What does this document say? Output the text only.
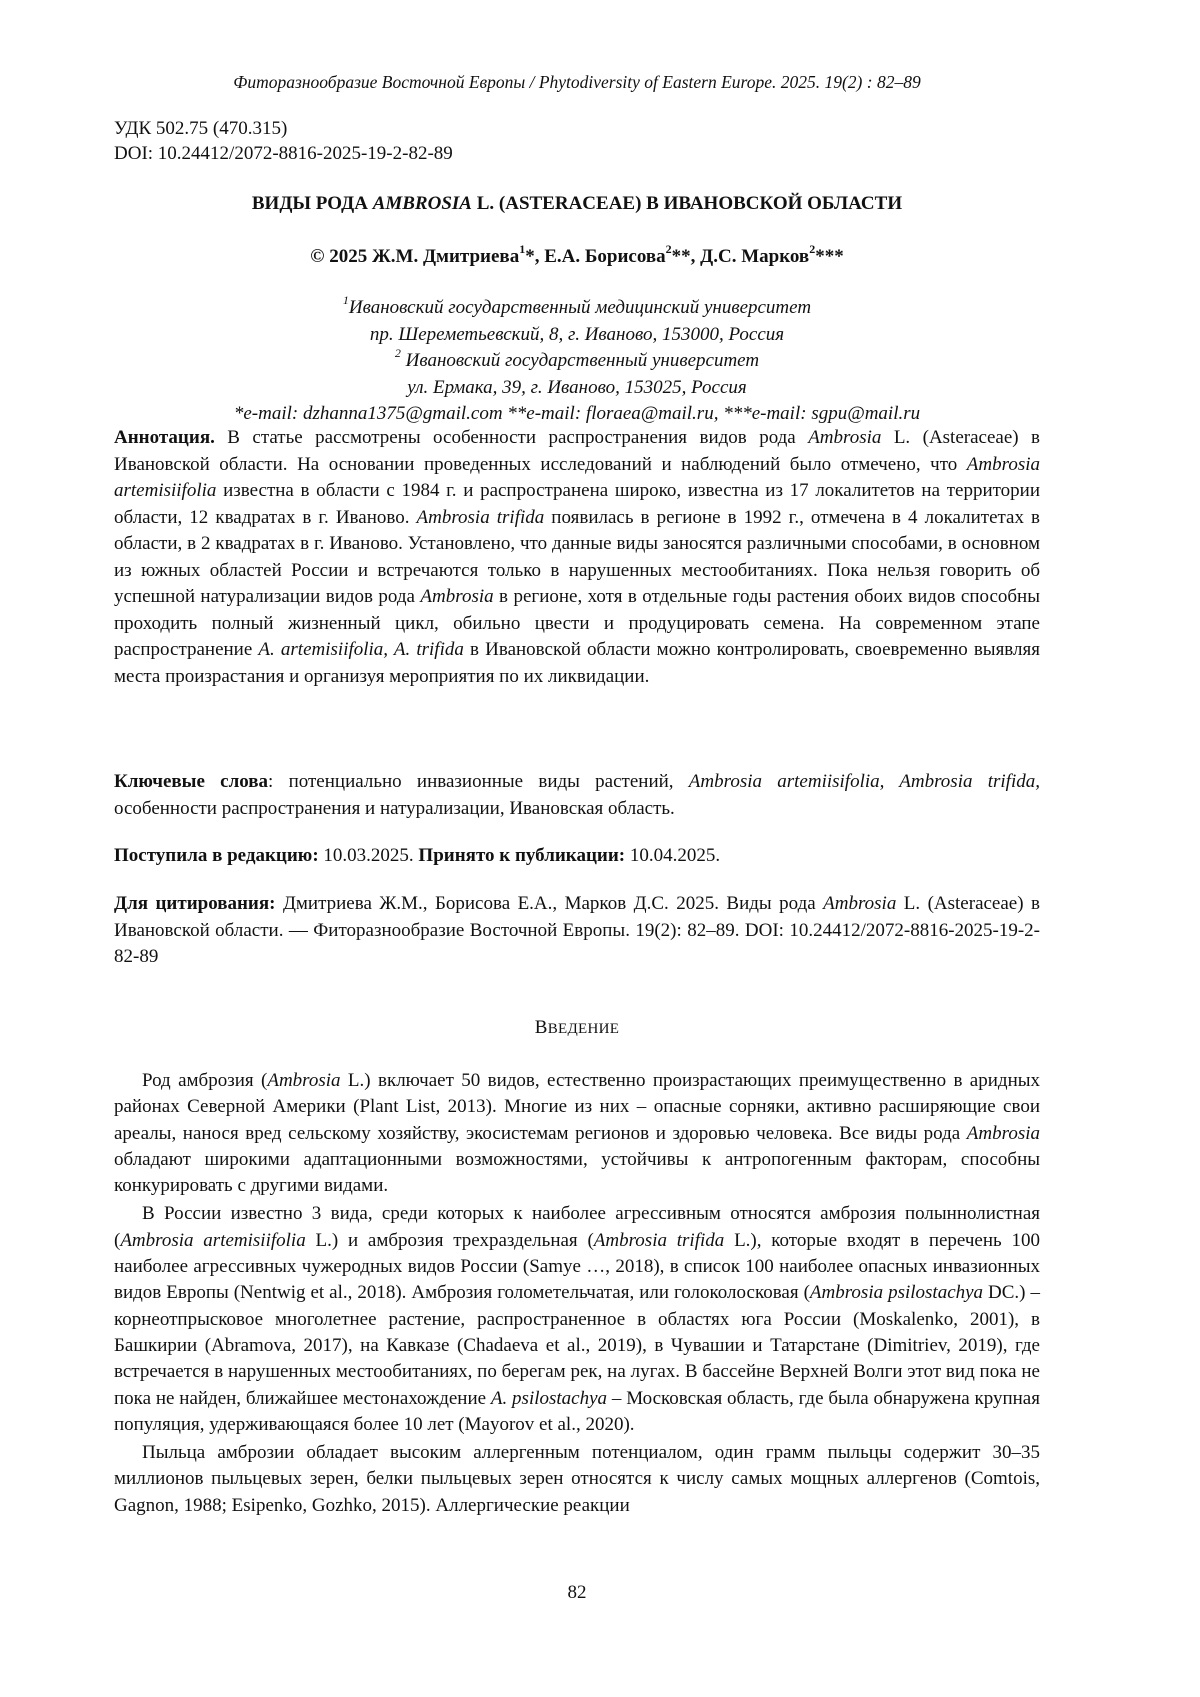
Фиторазнообразие Восточной Европы / Phytodiversity of Eastern Europe. 2025. 19(2) : 82–89
УДК 502.75 (470.315)
DOI: 10.24412/2072-8816-2025-19-2-82-89
ВИДЫ РОДА AMBROSIA L. (ASTERACEAE) В ИВАНОВСКОЙ ОБЛАСТИ
© 2025 Ж.М. Дмитриева1*, Е.А. Борисова2**, Д.С. Марков2***
1Ивановский государственный медицинский университет
пр. Шереметьевский, 8, г. Иваново, 153000, Россия
2 Ивановский государственный университет
ул. Ермака, 39, г. Иваново, 153025, Россия
*e-mail: dzhanna1375@gmail.com **e-mail: floraea@mail.ru, ***e-mail: sgpu@mail.ru

Аннотация. В статье рассмотрены особенности распространения видов рода Ambrosia L. (Asteraceae) в Ивановской области. На основании проведенных исследований и наблюдений было отмечено, что Ambrosia artemisiifolia известна в области с 1984 г. и распространена широко, известна из 17 локалитетов на территории области, 12 квадратах в г. Иваново. Ambrosia trifida появилась в регионе в 1992 г., отмечена в 4 локалитетах в области, в 2 квадратах в г. Иваново. Установлено, что данные виды заносятся различными способами, в основном из южных областей России и встречаются только в нарушенных местообитаниях. Пока нельзя говорить об успешной натурализации видов рода Ambrosia в регионе, хотя в отдельные годы растения обоих видов способны проходить полный жизненный цикл, обильно цвести и продуцировать семена. На современном этапе распространение A. artemisiifolia, A. trifida в Ивановской области можно контролировать, своевременно выявляя места произрастания и организуя мероприятия по их ликвидации.

Ключевые слова: потенциально инвазионные виды растений, Ambrosia artemiisifolia, Ambrosia trifida, особенности распространения и натурализации, Ивановская область.

Поступила в редакцию: 10.03.2025. Принято к публикации: 10.04.2025.

Для цитирования: Дмитриева Ж.М., Борисова Е.А., Марков Д.С. 2025. Виды рода Ambrosia L. (Asteraceae) в Ивановской области. — Фиторазнообразие Восточной Европы. 19(2): 82–89. DOI: 10.24412/2072-8816-2025-19-2-82-89

ВВЕДЕНИЕ

Род амброзия (Ambrosia L.) включает 50 видов, естественно произрастающих преимущественно в аридных районах Северной Америки (Plant List, 2013). Многие из них – опасные сорняки, активно расширяющие свои ареалы, нанося вред сельскому хозяйству, экосистемам регионов и здоровью человека. Все виды рода Ambrosia обладают широкими адаптационными возможностями, устойчивы к антропогенным факторам, способны конкурировать с другими видами.

В России известно 3 вида, среди которых к наиболее агрессивным относятся амброзия полыннолистная (Ambrosia artemisiifolia L.) и амброзия трехраздельная (Ambrosia trifida L.), которые входят в перечень 100 наиболее агрессивных чужеродных видов России (Samye …, 2018), в список 100 наиболее опасных инвазионных видов Европы (Nentwig et al., 2018). Амброзия голометельчатая, или голоколосковая (Ambrosia psilostachya DC.) – корнеотпрысковое многолетнее растение, распространенное в областях юга России (Moskalenko, 2001), в Башкирии (Abramova, 2017), на Кавказе (Chadaeva et al., 2019), в Чувашии и Татарстане (Dimitriev, 2019), где встречается в нарушенных местообитаниях, по берегам рек, на лугах. В бассейне Верхней Волги этот вид пока не пока не найден, ближайшее местонахождение A. psilostachya – Московская область, где была обнаружена крупная популяция, удерживающаяся более 10 лет (Mayorov et al., 2020).

Пыльца амброзии обладает высоким аллергенным потенциалом, один грамм пыльцы содержит 30–35 миллионов пыльцевых зерен, белки пыльцевых зерен относятся к числу самых мощных аллергенов (Comtois, Gagnon, 1988; Esipenko, Gozhko, 2015). Аллергические реакции

82
